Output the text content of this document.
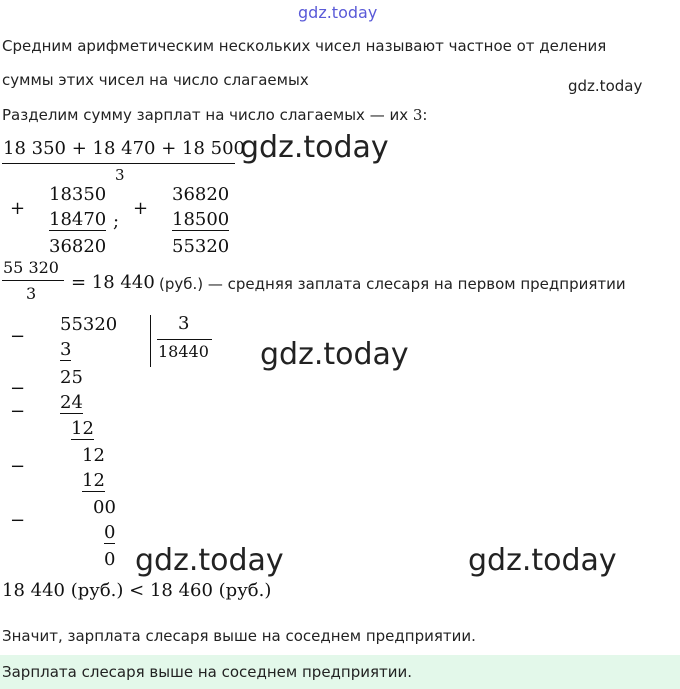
gdz.today
gdz.today
gdz.today
gdz.today
gdz.today	gdz.today
Средним арифметическим нескольких чисел называют частное от деления
суммы этих чисел на число слагаемых
Разделим сумму зарплат на число слагаемых — их 3:
18 350 + 18 470 + 18 500
3
+
18350
18470
36820
;
+
36820
18500
55320
55 320
3
= 18 440 (руб.) — средняя заплата слесаря на первом предприятии
−
55320
3
3
18440
−
25
− 24
12
−
12
12
−
00
0
0
18 440 (руб.) < 18 460 (руб.)
Значит, зарплата слесаря выше на соседнем предприятии.
Зарплата слесаря выше на соседнем предприятии.
